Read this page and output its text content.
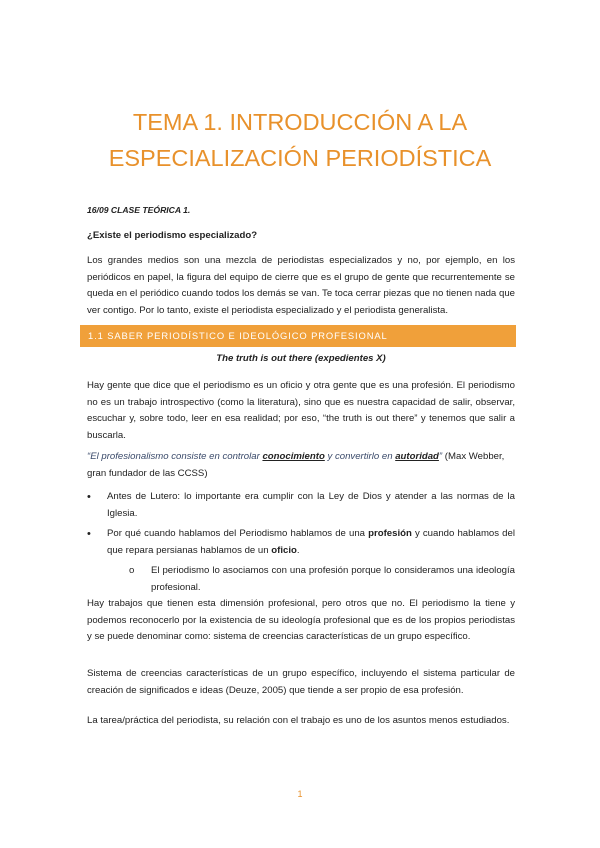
TEMA 1. INTRODUCCIÓN A LA
ESPECIALIZACIÓN PERIODÍSTICA
16/09 CLASE TEÓRICA 1.
¿Existe el periodismo especializado?
Los grandes medios son una mezcla de periodistas especializados y no, por ejemplo, en los periódicos en papel, la figura del equipo de cierre que es el grupo de gente que recurrentemente se queda en el periódico cuando todos los demás se van. Te toca cerrar piezas que no tienen nada que ver contigo. Por lo tanto, existe el periodista especializado y el periodista generalista.
1.1 SABER PERIODÍSTICO E IDEOLÓGICO PROFESIONAL
The truth is out there (expedientes X)
Hay gente que dice que el periodismo es un oficio y otra gente que es una profesión. El periodismo no es un trabajo introspectivo (como la literatura), sino que es nuestra capacidad de salir, observar, escuchar y, sobre todo, leer en esa realidad; por eso, “the truth is out there” y tenemos que salir a buscarla.
“El profesionalismo consiste en controlar conocimiento y convertirlo en autoridad” (Max Webber, gran fundador de las CCSS)
• Antes de Lutero: lo importante era cumplir con la Ley de Dios y atender a las normas de la Iglesia.
• Por qué cuando hablamos del Periodismo hablamos de una profesión y cuando hablamos del que repara persianas hablamos de un oficio.
o El periodismo lo asociamos con una profesión porque lo consideramos una ideología profesional.
Hay trabajos que tienen esta dimensión profesional, pero otros que no. El periodismo la tiene y podemos reconocerlo por la existencia de su ideología profesional que es de los propios periodistas y se puede denominar como: sistema de creencias características de un grupo específico.
Sistema de creencias características de un grupo específico, incluyendo el sistema particular de creación de significados e ideas (Deuze, 2005) que tiende a ser propio de esa profesión.
La tarea/práctica del periodista, su relación con el trabajo es uno de los asuntos menos estudiados.
1
